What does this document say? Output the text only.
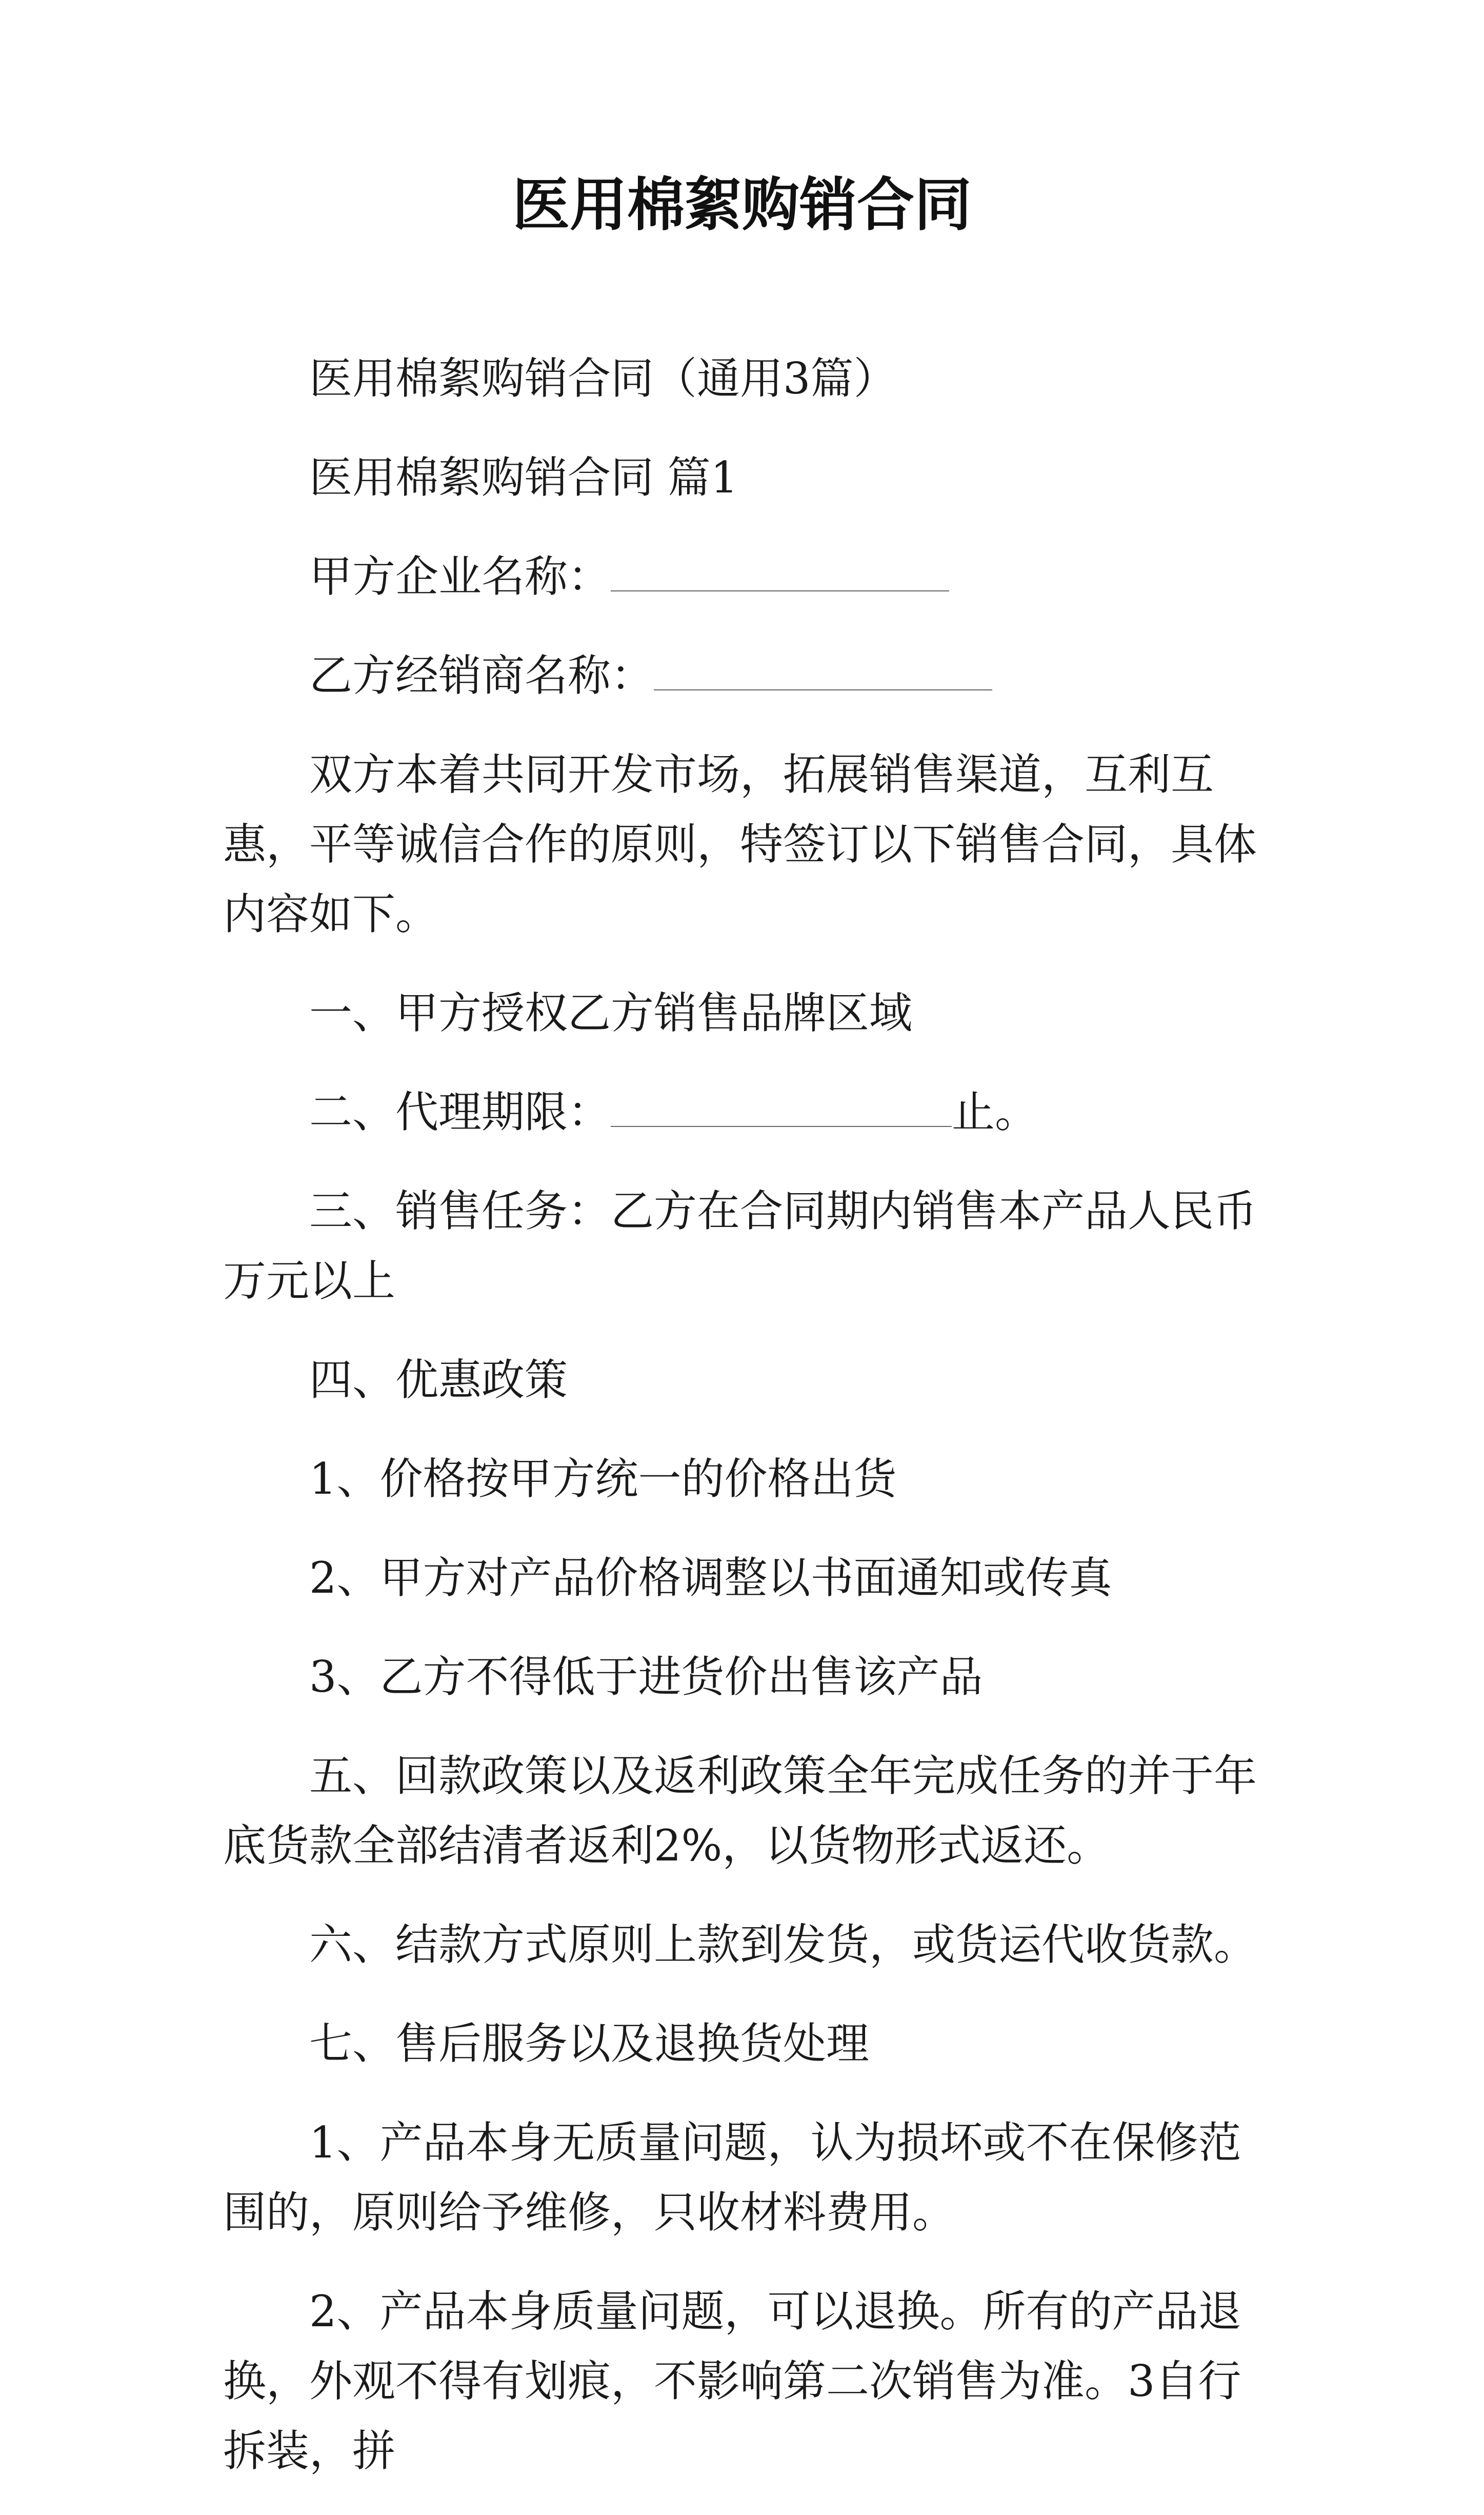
医用棉絮购销合同

医用棉絮购销合同（通用3篇）

医用棉絮购销合同 篇1

甲方企业名称：

乙方经销商名称：

双方本着共同开发市场，拓展销售渠道，互利互惠，平等诚信合作的原则，特签订以下销售合同，具体内容如下。

一、甲方授权乙方销售品牌区域

二、代理期限：	止。

三、销售任务：乙方在合同期内销售本产品人民币万元以上

四、优惠政策

1、价格按甲方统一的价格出货

2、甲方对产品价格调整以书面通知或传真

3、乙方不得低于进货价出售该产品

五、回款政策以及返利政策全年完成任务的并于年底货款全部结清者返利2%，以货物形式返还。

六、结款方式原则上款到发货，或货运代收货款。

七、售后服务以及退换货处理

1、产品本身无质量问题，认为损坏或不在保修范围的，原则给予维修，只收材料费用。

2、产品本身质量问题，可以退换。所有的产品退换，外观不得有划痕，不影响第二次销售为准。3自行拆装，拼
